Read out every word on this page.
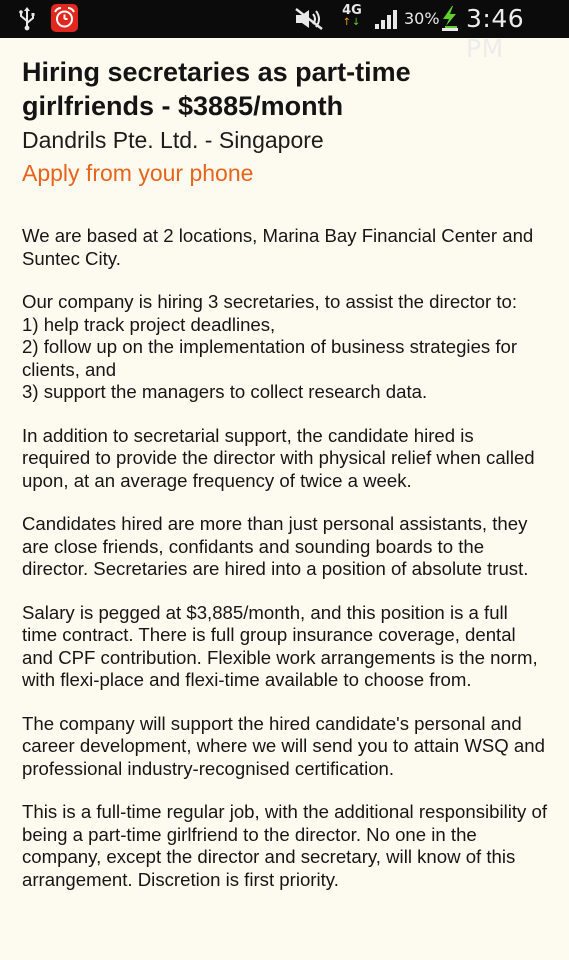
4G
↑↓	30% 3:46 PM
Hiring secretaries as part-time girlfriends - $3885/month
Dandrils Pte. Ltd. - Singapore
Apply from your phone

We are based at 2 locations, Marina Bay Financial Center and Suntec City.

Our company is hiring 3 secretaries, to assist the director to:
1) help track project deadlines,
2) follow up on the implementation of business strategies for clients, and
3) support the managers to collect research data.

In addition to secretarial support, the candidate hired is required to provide the director with physical relief when called upon, at an average frequency of twice a week.

Candidates hired are more than just personal assistants, they are close friends, confidants and sounding boards to the director. Secretaries are hired into a position of absolute trust.

Salary is pegged at $3,885/month, and this position is a full time contract. There is full group insurance coverage, dental and CPF contribution. Flexible work arrangements is the norm, with flexi-place and flexi-time available to choose from.

The company will support the hired candidate's personal and career development, where we will send you to attain WSQ and professional industry-recognised certification.

This is a full-time regular job, with the additional responsibility of being a part-time girlfriend to the director. No one in the company, except the director and secretary, will know of this arrangement. Discretion is first priority.
